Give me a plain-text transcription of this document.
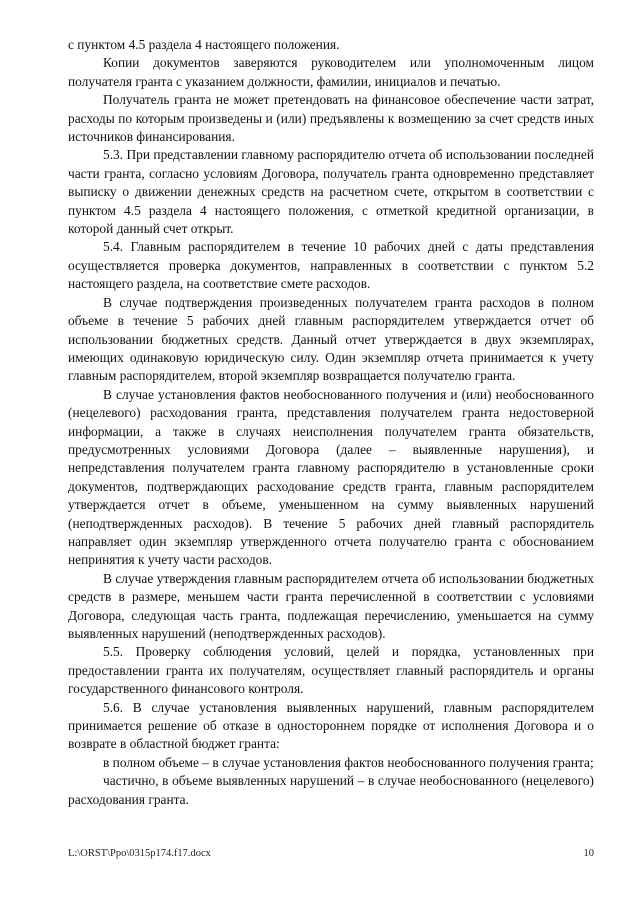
с пунктом 4.5 раздела 4 настоящего положения.

Копии документов заверяются руководителем или уполномоченным лицом получателя гранта с указанием должности, фамилии, инициалов и печатью.

Получатель гранта не может претендовать на финансовое обеспечение части затрат, расходы по которым произведены и (или) предъявлены к возмещению за счет средств иных источников финансирования.

5.3. При представлении главному распорядителю отчета об использовании последней части гранта, согласно условиям Договора, получатель гранта одновременно представляет выписку о движении денежных средств на расчетном счете, открытом в соответствии с пунктом 4.5 раздела 4 настоящего положения, с отметкой кредитной организации, в которой данный счет открыт.

5.4. Главным распорядителем в течение 10 рабочих дней с даты представления осуществляется проверка документов, направленных в соответствии с пунктом 5.2 настоящего раздела, на соответствие смете расходов.

В случае подтверждения произведенных получателем гранта расходов в полном объеме в течение 5 рабочих дней главным распорядителем утверждается отчет об использовании бюджетных средств. Данный отчет утверждается в двух экземплярах, имеющих одинаковую юридическую силу. Один экземпляр отчета принимается к учету главным распорядителем, второй экземпляр возвращается получателю гранта.

В случае установления фактов необоснованного получения и (или) необоснованного (нецелевого) расходования гранта, представления получателем гранта недостоверной информации, а также в случаях неисполнения получателем гранта обязательств, предусмотренных условиями Договора (далее – выявленные нарушения), и непредставления получателем гранта главному распорядителю в установленные сроки документов, подтверждающих расходование средств гранта, главным распорядителем утверждается отчет в объеме, уменьшенном на сумму выявленных нарушений (неподтвержденных расходов). В течение 5 рабочих дней главный распорядитель направляет один экземпляр утвержденного отчета получателю гранта с обоснованием непринятия к учету части расходов.

В случае утверждения главным распорядителем отчета об использовании бюджетных средств в размере, меньшем части гранта перечисленной в соответствии с условиями Договора, следующая часть гранта, подлежащая перечислению, уменьшается на сумму выявленных нарушений (неподтвержденных расходов).

5.5. Проверку соблюдения условий, целей и порядка, установленных при предоставлении гранта их получателям, осуществляет главный распорядитель и органы государственного финансового контроля.

5.6. В случае установления выявленных нарушений, главным распорядителем принимается решение об отказе в одностороннем порядке от исполнения Договора и о возврате в областной бюджет гранта:

в полном объеме – в случае установления фактов необоснованного получения гранта;

частично, в объеме выявленных нарушений – в случае необоснованного (нецелевого) расходования гранта.

L:\ORST\Ppo\0315p174.f17.docx	10
